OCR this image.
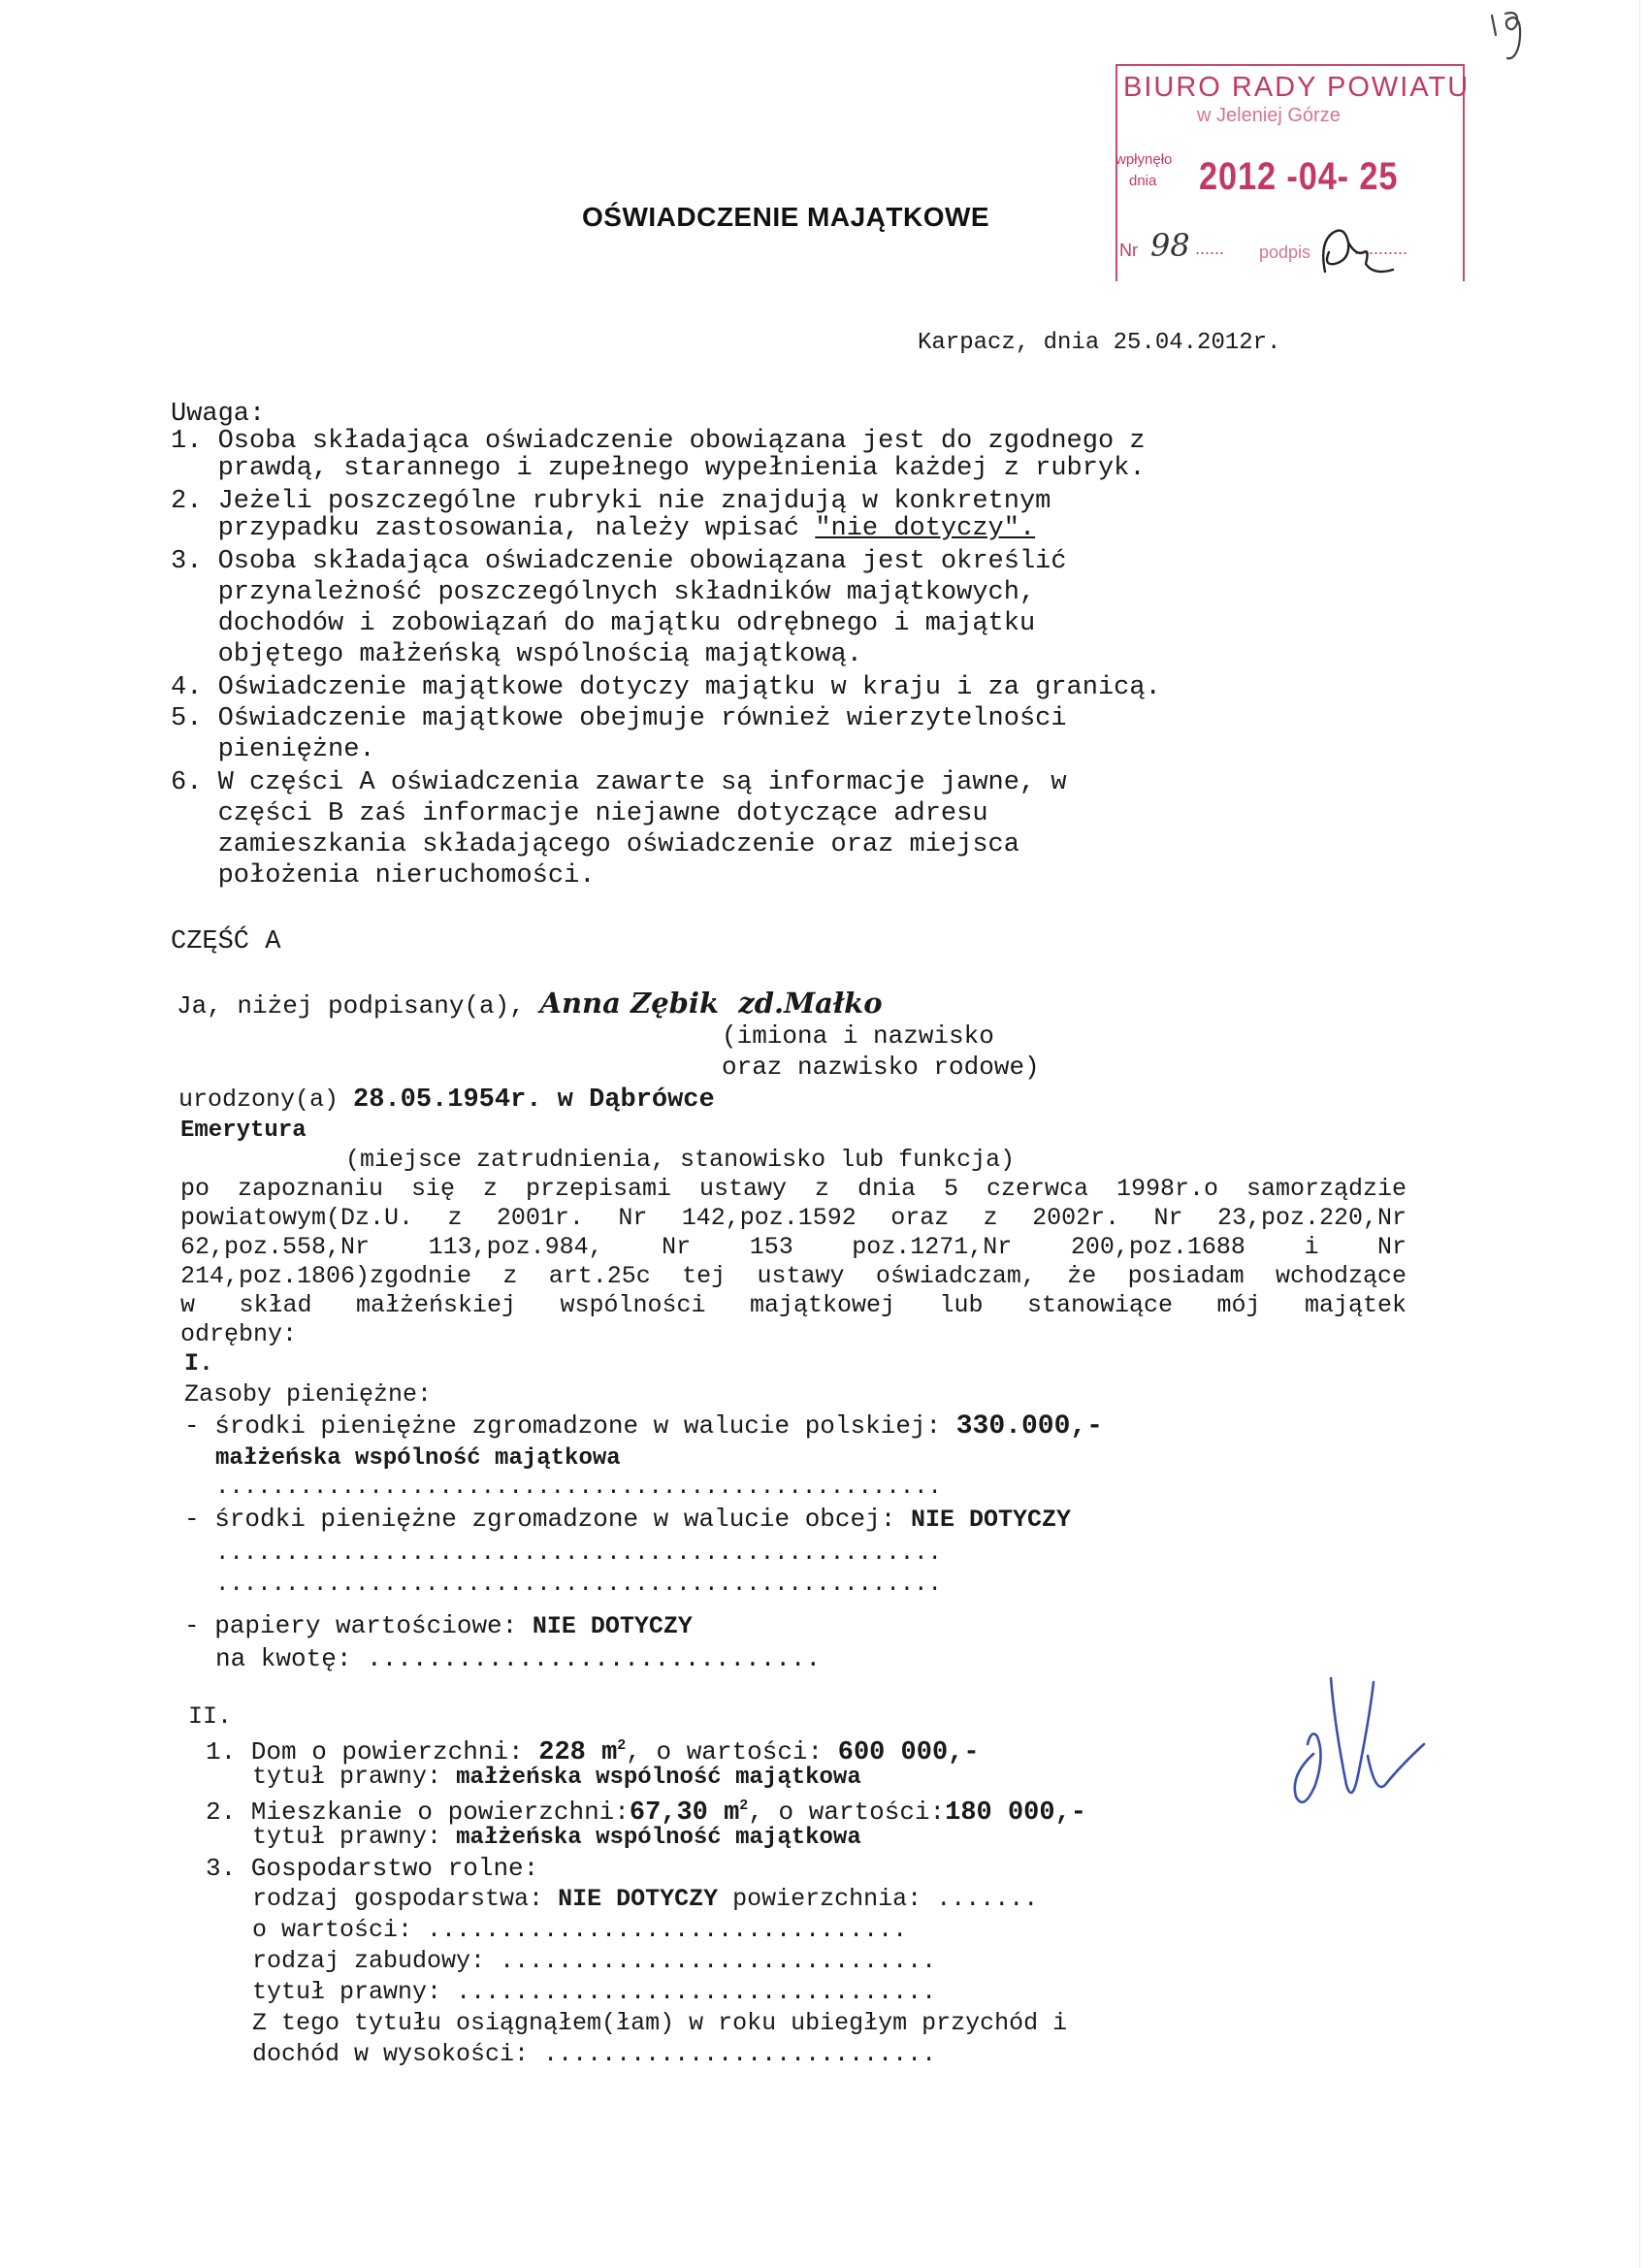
BIURO RADY POWIATU
w Jeleniej Górze
wpłynęło
dnia 2012 -04- 25
Nr 98 ...... podpis ...........
OŚWIADCZENIE MAJĄTKOWE
Karpacz, dnia 25.04.2012r.
Uwaga:
1. Osoba składająca oświadczenie obowiązana jest do zgodnego z
prawdą, starannego i zupełnego wypełnienia każdej z rubryk.
2. Jeżeli poszczególne rubryki nie znajdują w konkretnym
przypadku zastosowania, należy wpisać "nie dotyczy".
3. Osoba składająca oświadczenie obowiązana jest określić
przynależność poszczególnych składników majątkowych,
dochodów i zobowiązań do majątku odrębnego i majątku
objętego małżeńską wspólnością majątkową.
4. Oświadczenie majątkowe dotyczy majątku w kraju i za granicą.
5. Oświadczenie majątkowe obejmuje również wierzytelności
pieniężne.
6. W części A oświadczenia zawarte są informacje jawne, w
części B zaś informacje niejawne dotyczące adresu
zamieszkania składającego oświadczenie oraz miejsca
położenia nieruchomości.
CZĘŚĆ A
Ja, niżej podpisany(a), Anna Zębik  zd.Małko
(imiona i nazwisko
oraz nazwisko rodowe)
urodzony(a) 28.05.1954r. w Dąbrówce
Emerytura
(miejsce zatrudnienia, stanowisko lub funkcja)
po zapoznaniu się z przepisami ustawy z dnia 5 czerwca 1998r.o samorządzie
powiatowym(Dz.U. z 2001r. Nr 142,poz.1592 oraz z 2002r. Nr 23,poz.220,Nr
62,poz.558,Nr 113,poz.984, Nr 153 poz.1271,Nr 200,poz.1688 i Nr
214,poz.1806)zgodnie z art.25c tej ustawy oświadczam, że posiadam wchodzące
w skład małżeńskiej wspólności majątkowej lub stanowiące mój majątek
odrębny:
I.
Zasoby pieniężne:
- środki pieniężne zgromadzone w walucie polskiej: 330.000,-
małżeńska wspólność majątkowa
....................................................
- środki pieniężne zgromadzone w walucie obcej: NIE DOTYCZY
....................................................
....................................................
- papiery wartościowe: NIE DOTYCZY
na kwotę: ..............................
II.
1. Dom o powierzchni: 228 $m^2$, o wartości: 600 000,-
tytuł prawny: małżeńska wspólność majątkowa
2. Mieszkanie o powierzchni:67,30 $m^2$, o wartości:180 000,-
tytuł prawny: małżeńska wspólność majątkowa
3. Gospodarstwo rolne:
rodzaj gospodarstwa: NIE DOTYCZY powierzchnia: .......
o wartości: .................................
rodzaj zabudowy: ..............................
tytuł prawny: .................................
Z tego tytułu osiągnąłem(łam) w roku ubiegłym przychód i
dochód w wysokości: ...........................
